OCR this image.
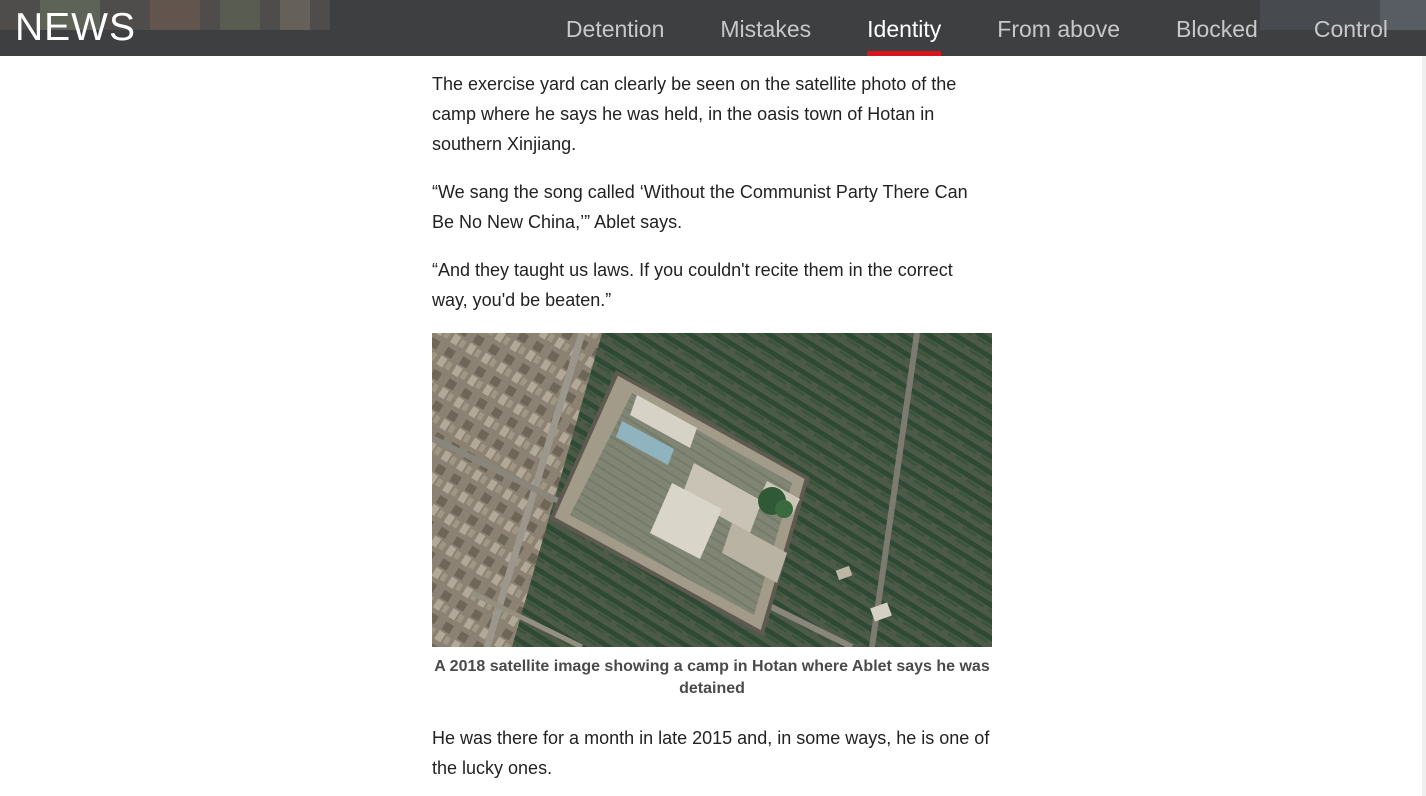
NEWS	Detention	Mistakes	Identity	From above	Blocked	Control

The exercise yard can clearly be seen on the satellite photo of the camp where he says he was held, in the oasis town of Hotan in southern Xinjiang.

“We sang the song called ‘Without the Communist Party There Can Be No New China,’” Ablet says.

“And they taught us laws. If you couldn't recite them in the correct way, you'd be beaten.”

A 2018 satellite image showing a camp in Hotan where Ablet says he was detained

He was there for a month in late 2015 and, in some ways, he is one of the lucky ones.
